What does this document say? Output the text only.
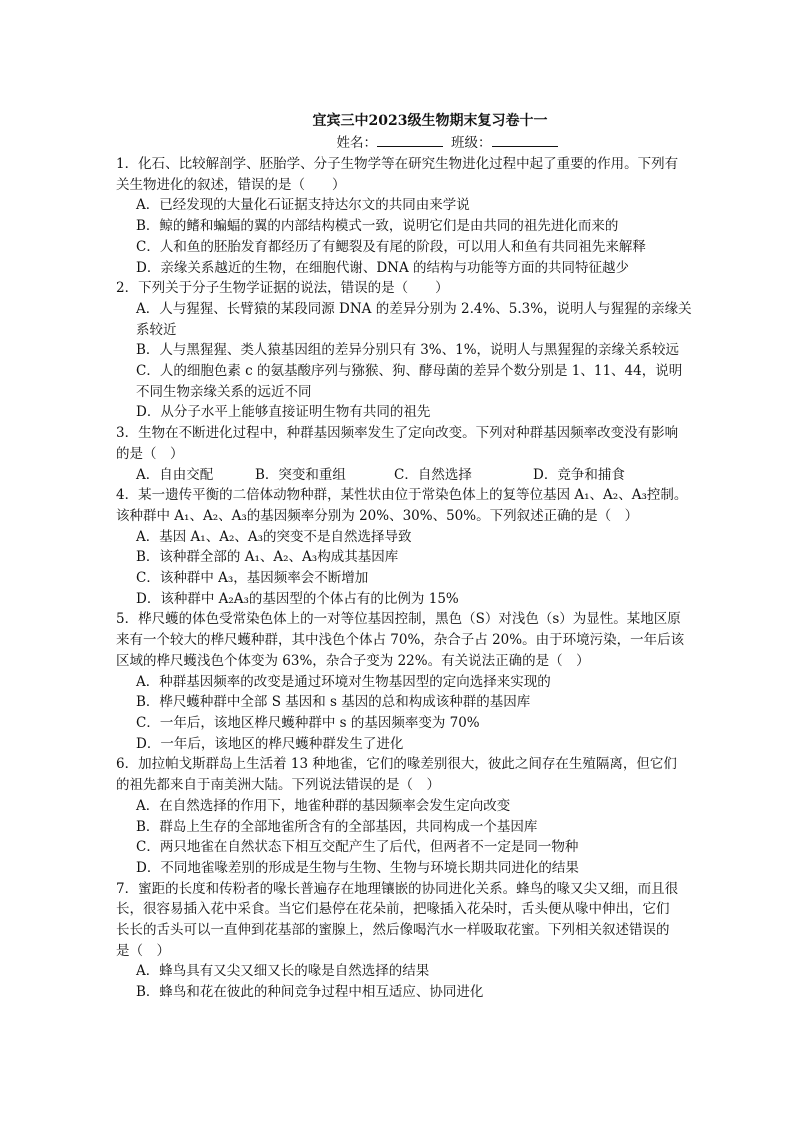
宜宾三中2023级生物期末复习卷十一
姓名：	班级：
1．化石、比较解剖学、胚胎学、分子生物学等在研究生物进化过程中起了重要的作用。下列有
关生物进化的叙述，错误的是（　　）
A．已经发现的大量化石证据支持达尔文的共同由来学说
B．鲸的鳍和蝙蝠的翼的内部结构模式一致，说明它们是由共同的祖先进化而来的
C．人和鱼的胚胎发育都经历了有鳃裂及有尾的阶段，可以用人和鱼有共同祖先来解释
D．亲缘关系越近的生物，在细胞代谢、DNA 的结构与功能等方面的共同特征越少
2．下列关于分子生物学证据的说法，错误的是（　　）
A．人与猩猩、长臂猿的某段同源 DNA 的差异分别为 2.4%、5.3%，说明人与猩猩的亲缘关
系较近
B．人与黑猩猩、类人猿基因组的差异分别只有 3%、1%，说明人与黑猩猩的亲缘关系较远
C．人的细胞色素 c 的氨基酸序列与猕猴、狗、酵母菌的差异个数分别是 1、11、44，说明
不同生物亲缘关系的远近不同
D．从分子水平上能够直接证明生物有共同的祖先
3．生物在不断进化过程中，种群基因频率发生了定向改变。下列对种群基因频率改变没有影响
的是（　）
A．自由交配	B．突变和重组	C．自然选择	D．竞争和捕食
4．某一遗传平衡的二倍体动物种群，某性状由位于常染色体上的复等位基因 A₁、A₂、A₃控制。
该种群中 A₁、A₂、A₃的基因频率分别为 20%、30%、50%。下列叙述正确的是（　）
A．基因 A₁、A₂、A₃的突变不是自然选择导致
B．该种群全部的 A₁、A₂、A₃构成其基因库
C．该种群中 A₃，基因频率会不断增加
D．该种群中 A₂A₃的基因型的个体占有的比例为 15%
5．桦尺蠖的体色受常染色体上的一对等位基因控制，黑色（S）对浅色（s）为显性。某地区原
来有一个较大的桦尺蠖种群，其中浅色个体占 70%，杂合子占 20%。由于环境污染，一年后该
区域的桦尺蠖浅色个体变为 63%，杂合子变为 22%。有关说法正确的是（　）
A．种群基因频率的改变是通过环境对生物基因型的定向选择来实现的
B．桦尺蠖种群中全部 S 基因和 s 基因的总和构成该种群的基因库
C．一年后，该地区桦尺蠖种群中 s 的基因频率变为 70%
D．一年后，该地区的桦尺蠖种群发生了进化
6．加拉帕戈斯群岛上生活着 13 种地雀，它们的喙差别很大，彼此之间存在生殖隔离，但它们
的祖先都来自于南美洲大陆。下列说法错误的是（　）
A．在自然选择的作用下，地雀种群的基因频率会发生定向改变
B．群岛上生存的全部地雀所含有的全部基因，共同构成一个基因库
C．两只地雀在自然状态下相互交配产生了后代，但两者不一定是同一物种
D．不同地雀喙差别的形成是生物与生物、生物与环境长期共同进化的结果
7．蜜距的长度和传粉者的喙长普遍存在地理镶嵌的协同进化关系。蜂鸟的喙又尖又细，而且很
长，很容易插入花中采食。当它们悬停在花朵前，把喙插入花朵时，舌头便从喙中伸出，它们
长长的舌头可以一直伸到花基部的蜜腺上，然后像喝汽水一样吸取花蜜。下列相关叙述错误的
是（　）
A．蜂鸟具有又尖又细又长的喙是自然选择的结果
B．蜂鸟和花在彼此的种间竞争过程中相互适应、协同进化
